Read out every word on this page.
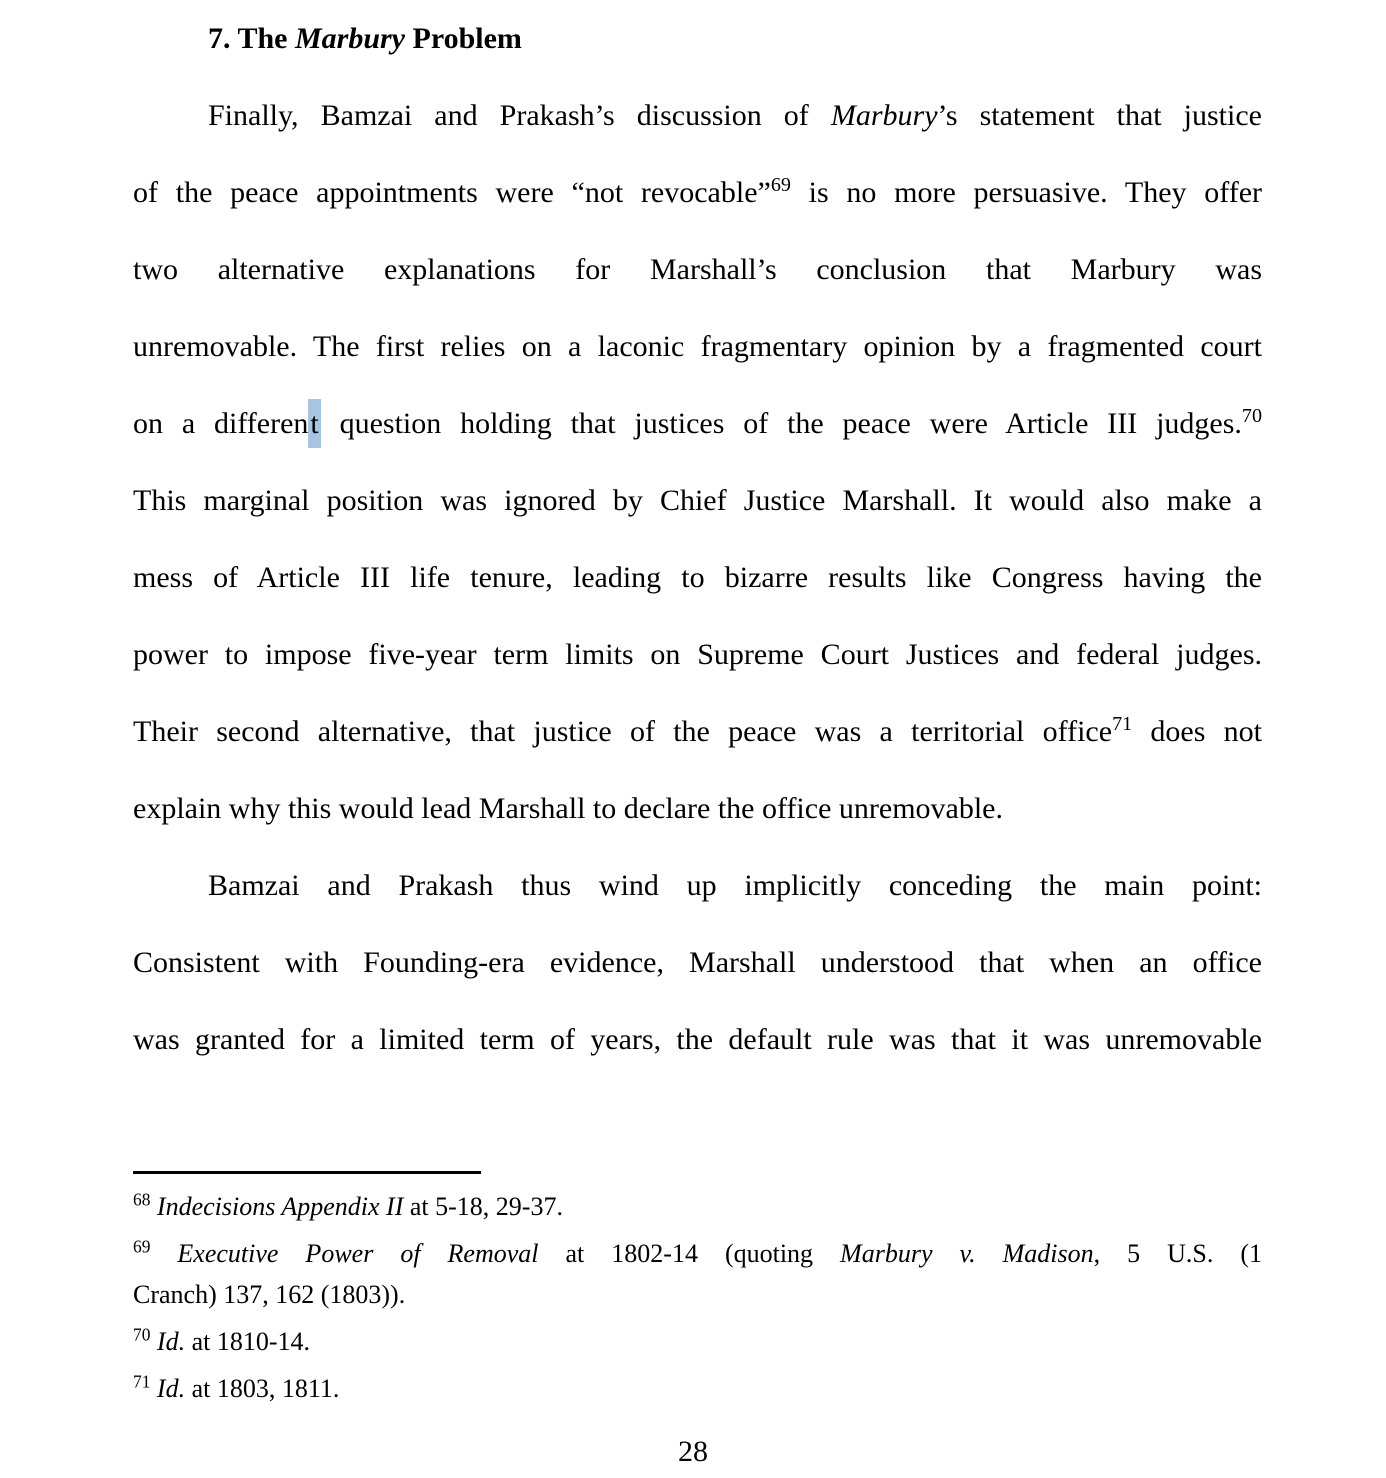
7. The Marbury Problem
Finally, Bamzai and Prakash’s discussion of Marbury’s statement that justice
of the peace appointments were “not revocable”$^{69}$ is no more persuasive. They offer
two alternative explanations for Marshall’s conclusion that Marbury was
unremovable. The first relies on a laconic fragmentary opinion by a fragmented court
on a different question holding that justices of the peace were Article III judges.$^{70}$
This marginal position was ignored by Chief Justice Marshall. It would also make a
mess of Article III life tenure, leading to bizarre results like Congress having the
power to impose five-year term limits on Supreme Court Justices and federal judges.
Their second alternative, that justice of the peace was a territorial office$^{71}$ does not
explain why this would lead Marshall to declare the office unremovable.
Bamzai and Prakash thus wind up implicitly conceding the main point:
Consistent with Founding-era evidence, Marshall understood that when an office
was granted for a limited term of years, the default rule was that it was unremovable
$^{68}$ Indecisions Appendix II at 5-18, 29-37.
$^{69}$ Executive Power of Removal at 1802-14 (quoting Marbury v. Madison, 5 U.S. (1
Cranch) 137, 162 (1803)).
$^{70}$ Id. at 1810-14.
$^{71}$ Id. at 1803, 1811.
28
